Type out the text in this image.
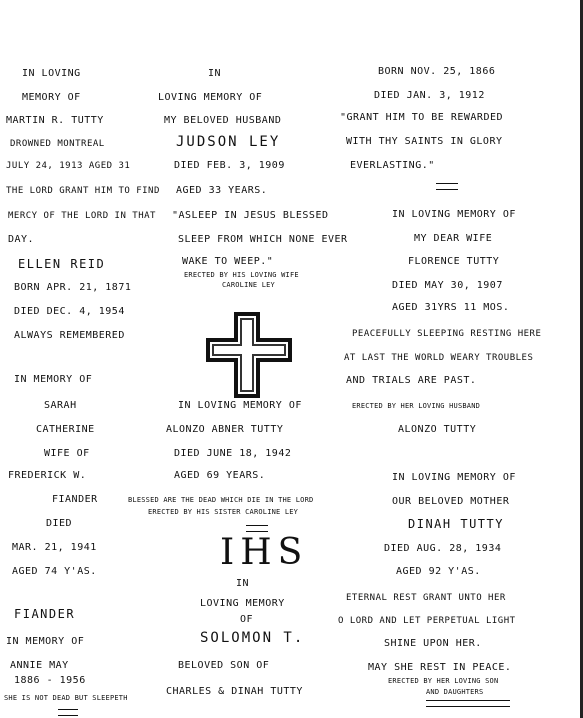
IN LOVING
MEMORY OF
MARTIN R. TUTTY
DROWNED MONTREAL
JULY 24, 1913 AGED 31
THE LORD GRANT HIM TO FIND
MERCY OF THE LORD IN THAT
DAY.
ELLEN REID
BORN APR. 21, 1871
DIED DEC. 4, 1954
ALWAYS REMEMBERED
IN MEMORY OF
SARAH
CATHERINE
WIFE OF
FREDERICK W.
FIANDER
DIED
MAR. 21, 1941
AGED 74 Y'AS.
FIANDER
IN MEMORY OF
ANNIE MAY
1886 - 1956
SHE IS NOT DEAD BUT SLEEPETH
IN
LOVING MEMORY OF
MY BELOVED HUSBAND
JUDSON LEY
DIED FEB. 3, 1909
AGED 33 YEARS.
"ASLEEP IN JESUS BLESSED
SLEEP FROM WHICH NONE EVER
WAKE TO WEEP."
ERECTED BY HIS LOVING WIFE
CAROLINE LEY
IN LOVING MEMORY OF
ALONZO ABNER TUTTY
DIED JUNE 18, 1942
AGED 69 YEARS.
BLESSED ARE THE DEAD WHICH DIE IN THE LORD
ERECTED BY HIS SISTER CAROLINE LEY
IHS
IN
LOVING MEMORY
OF
SOLOMON T.
BELOVED SON OF
CHARLES & DINAH TUTTY
BORN NOV. 25, 1866
DIED JAN. 3, 1912
"GRANT HIM TO BE REWARDED
WITH THY SAINTS IN GLORY
EVERLASTING."
IN LOVING MEMORY OF
MY DEAR WIFE
FLORENCE TUTTY
DIED MAY 30, 1907
AGED 31YRS 11 MOS.
PEACEFULLY SLEEPING RESTING HERE
AT LAST THE WORLD WEARY TROUBLES
AND TRIALS ARE PAST.
ERECTED BY HER LOVING HUSBAND
ALONZO TUTTY
IN LOVING MEMORY OF
OUR BELOVED MOTHER
DINAH TUTTY
DIED AUG. 28, 1934
AGED 92 Y'AS.
ETERNAL REST GRANT UNTO HER
O LORD AND LET PERPETUAL LIGHT
SHINE UPON HER.
MAY SHE REST IN PEACE.
ERECTED BY HER LOVING SON
AND DAUGHTERS
